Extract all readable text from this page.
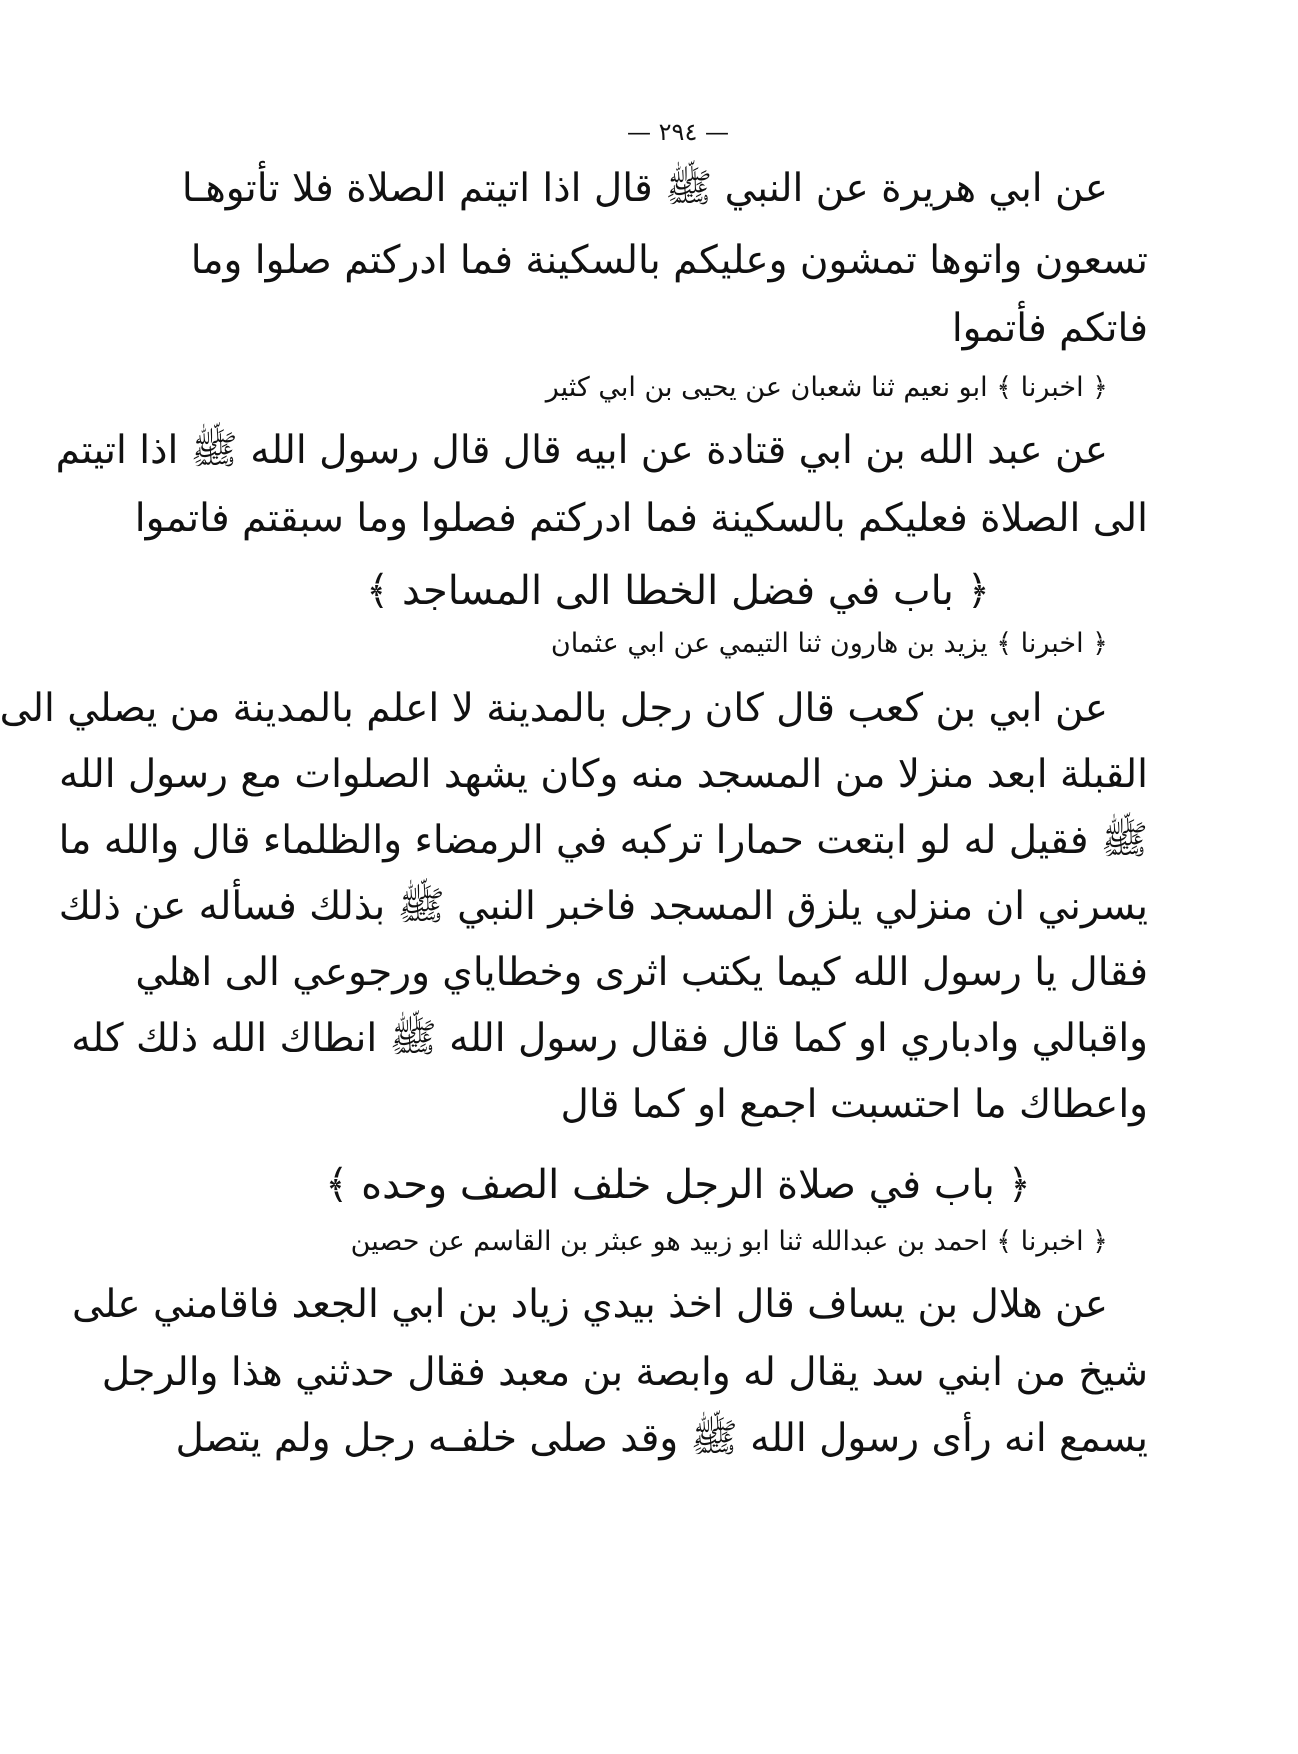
— ٢٩٤ —
عن ابي هريرة عن النبي ﷺ قال اذا اتيتم الصلاة فلا تأتوهـا
تسعون واتوها تمشون وعليكم بالسكينة فما ادركتم صلوا وما
فاتكم فأتموا
﴿ اخبرنا ﴾ ابو نعيم ثنا شعبان عن يحيى بن ابي كثير
عن عبد الله بن ابي قتادة عن ابيه قال قال رسول الله ﷺ اذا اتيتم
الى الصلاة فعليكم بالسكينة فما ادركتم فصلوا وما سبقتم فاتموا
﴿ باب في فضل الخطا الى المساجد ﴾
﴿ اخبرنا ﴾ يزيد بن هارون ثنا التيمي عن ابي عثمان
عن ابي بن كعب قال كان رجل بالمدينة لا اعلم بالمدينة من يصلي الى
القبلة ابعد منزلا من المسجد منه وكان يشهد الصلوات مع رسول الله
ﷺ فقيل له لو ابتعت حمارا تركبه في الرمضاء والظلماء قال والله ما
يسرني ان منزلي يلزق المسجد فاخبر النبي ﷺ بذلك فسأله عن ذلك
فقال يا رسول الله كيما يكتب اثرى وخطاياي ورجوعي الى اهلي
واقبالي وادباري او كما قال فقال رسول الله ﷺ انطاك الله ذلك كله
واعطاك ما احتسبت اجمع او كما قال
﴿ باب في صلاة الرجل خلف الصف وحده ﴾
﴿ اخبرنا ﴾ احمد بن عبدالله ثنا ابو زبيد هو عبثر بن القاسم عن حصين
عن هلال بن يساف قال اخذ بيدي زياد بن ابي الجعد فاقامني على
شيخ من ابني سد يقال له وابصة بن معبد فقال حدثني هذا والرجل
يسمع انه رأى رسول الله ﷺ وقد صلى خلفـه رجل ولم يتصل
